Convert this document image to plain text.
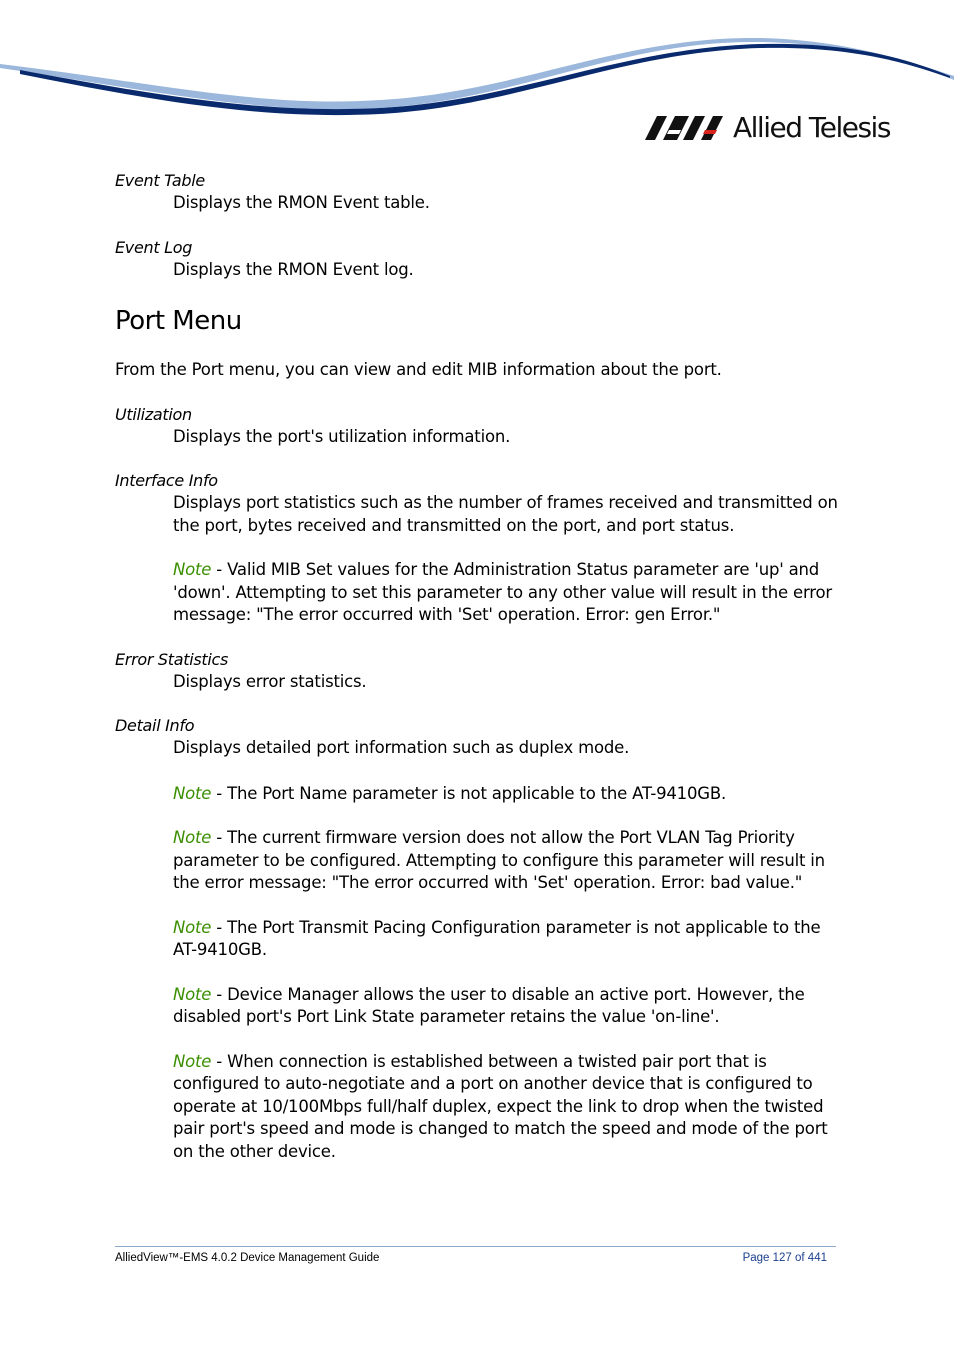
Allied Telesis

Event Table

Displays the RMON Event table.

Event Log

Displays the RMON Event log.

Port Menu

From the Port menu, you can view and edit MIB information about the port.

Utilization

Displays the port's utilization information.

Interface Info

Displays port statistics such as the number of frames received and transmitted on the port, bytes received and transmitted on the port, and port status.

Note - Valid MIB Set values for the Administration Status parameter are 'up' and 'down'. Attempting to set this parameter to any other value will result in the error message: "The error occurred with 'Set' operation. Error: gen Error."

Error Statistics

Displays error statistics.

Detail Info

Displays detailed port information such as duplex mode.

Note - The Port Name parameter is not applicable to the AT-9410GB.

Note - The current firmware version does not allow the Port VLAN Tag Priority parameter to be configured. Attempting to configure this parameter will result in the error message: "The error occurred with 'Set' operation. Error: bad value."

Note - The Port Transmit Pacing Configuration parameter is not applicable to the AT-9410GB.

Note - Device Manager allows the user to disable an active port. However, the disabled port's Port Link State parameter retains the value 'on-line'.

Note - When connection is established between a twisted pair port that is configured to auto-negotiate and a port on another device that is configured to operate at 10/100Mbps full/half duplex, expect the link to drop when the twisted pair port's speed and mode is changed to match the speed and mode of the port on the other device.

AlliedView™-EMS 4.0.2 Device Management Guide	Page 127 of 441
